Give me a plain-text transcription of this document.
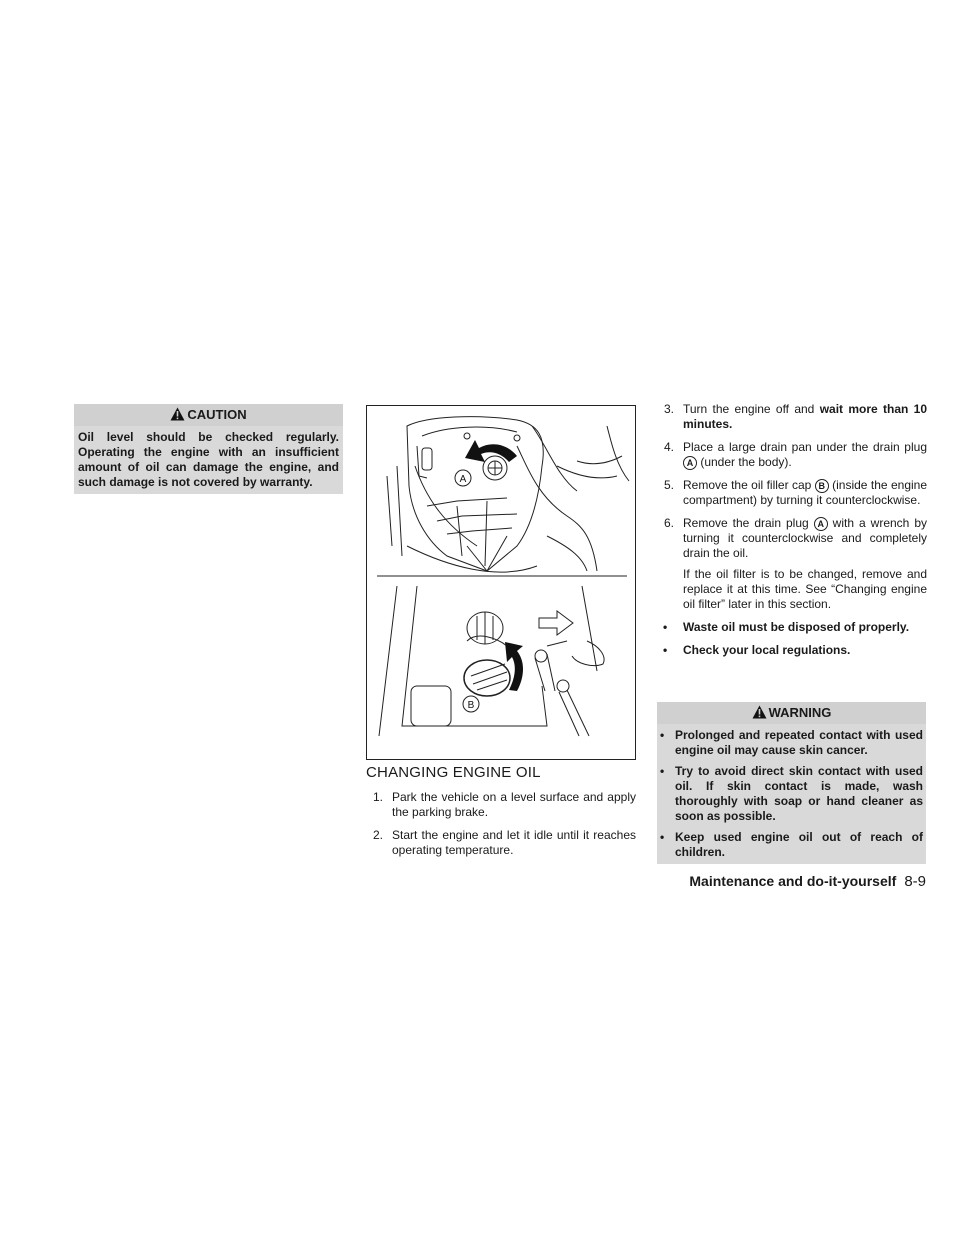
CAUTION
Oil level should be checked regularly. Operating the engine with an insufficient amount of oil can damage the engine, and such damage is not covered by warranty.	A
B
CHANGING ENGINE OIL
1. Park the vehicle on a level surface and apply the parking brake.
2. Start the engine and let it idle until it reaches operating temperature.
3. Turn the engine off and wait more than 10 minutes.
4. Place a large drain pan under the drain plug A (under the body).
5. Remove the oil filler cap B (inside the engine compartment) by turning it counterclockwise.
6. Remove the drain plug A with a wrench by turning it counterclockwise and completely drain the oil.

If the oil filter is to be changed, remove and replace it at this time. See “Changing engine oil filter” later in this section.

• Waste oil must be disposed of properly.
• Check your local regulations.
WARNING
• Prolonged and repeated contact with used engine oil may cause skin cancer.
• Try to avoid direct skin contact with used oil. If skin contact is made, wash thoroughly with soap or hand cleaner as soon as possible.
• Keep used engine oil out of reach of children.
Maintenance and do-it-yourself 8-9
